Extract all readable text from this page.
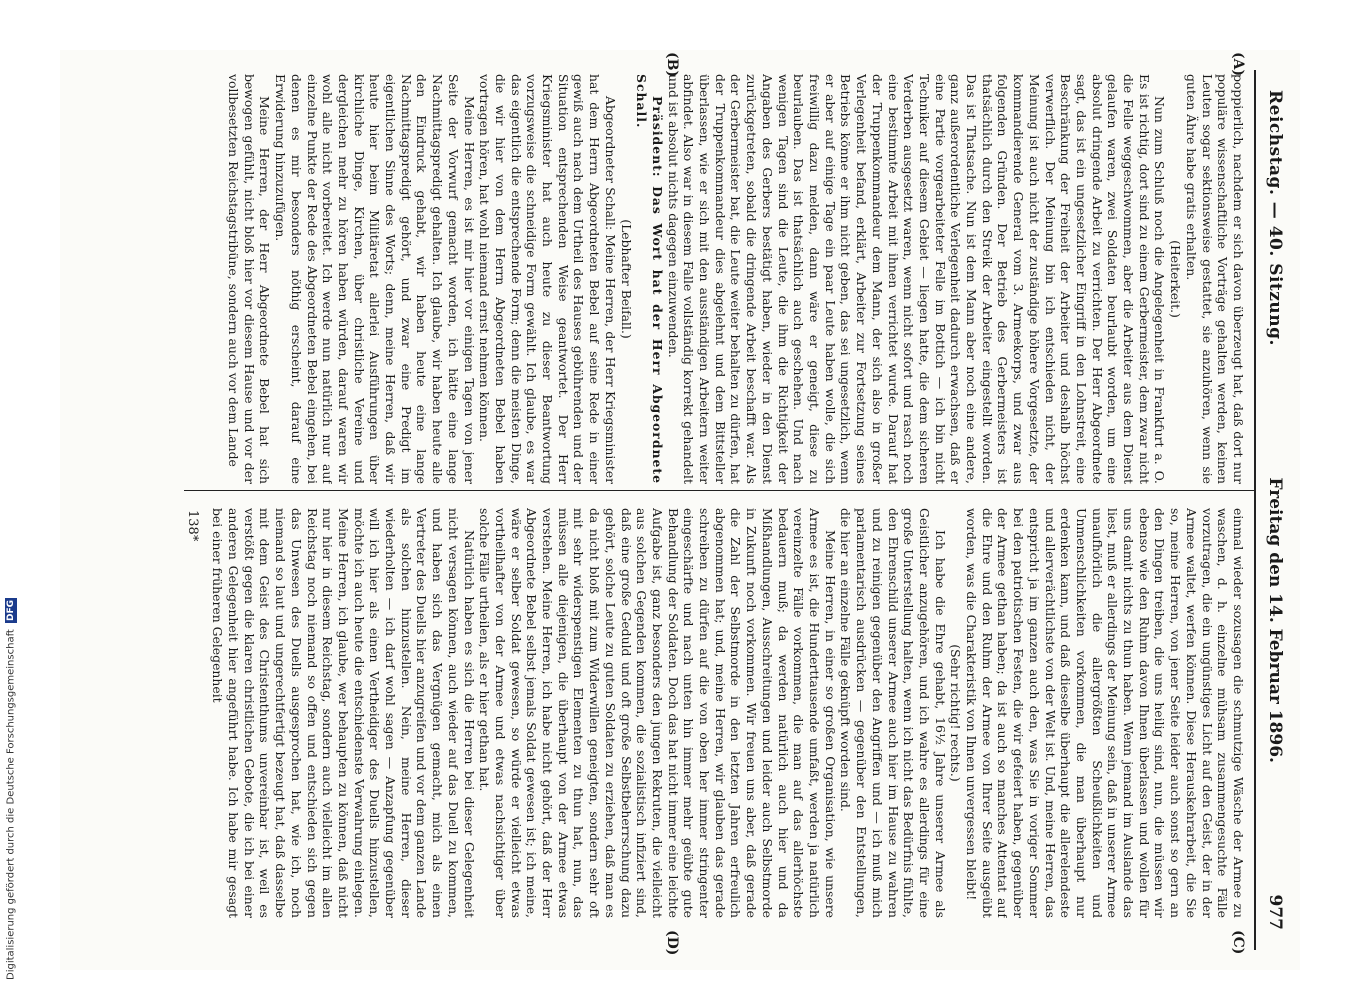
Reichstag. — 40. Sitzung.
Freitag den 14. Februar 1896.
977
(A)
(B)
(C)
(D)

poppierlich, nachdem er sich davon überzeugt hat, daß dort nur populäre wissenschaftliche Vorträge gehalten werden, keinen Leuten sogar sektionsweise gestattet, sie anzuhören, wenn sie guten Ähre habe gratis erhalten.

(Heiterkeit.)

Nun zum Schluß noch die Angelegenheit in Frankfurt a. O. Es ist richtig, dort sind zu einem Gerbermeister, dem zwar nicht die Felle weggeschwommen, aber die Arbeiter aus dem Dienst gelaufen waren, zwei Soldaten beurlaubt worden, um eine absolut dringende Arbeit zu verrichten. Der Herr Abgeordnete sagt, das ist ein ungesetzlicher Eingriff in den Lohnstreit, eine Beschränkung der Freiheit der Arbeiter und deshalb höchst verwerflich. Der Meinung bin ich entschieden nicht, der Meinung ist auch nicht der zuständige höhere Vorgesetzte, der kommandierende General vom 3. Armeekorps, und zwar aus folgenden Gründen. Der Betrieb des Gerbermeisters ist thatsächlich durch den Streik der Arbeiter eingestellt worden. Das ist Thatsache. Nun ist dem Mann aber noch eine andere, ganz außerordentliche Verlegenheit dadurch erwachsen, daß er eine Partie vorgearbeiteter Felle im Bottich — ich bin nicht Techniker auf diesem Gebiet — liegen hatte, die dem sicheren Verderben ausgesetzt waren, wenn nicht sofort und rasch noch eine bestimmte Arbeit mit ihnen verrichtet wurde. Darauf hat der Truppenkommandeur dem Mann, der sich also in großer Verlegenheit befand, erklärt, Arbeiter zur Fortsetzung seines Betriebs könne er ihm nicht geben, das sei ungesetzlich, wenn er aber auf einige Tage ein paar Leute haben wolle, die sich freiwillig dazu melden, dann wäre er geneigt, diese zu beurlauben. Das ist thatsächlich auch geschehen. Und nach wenigen Tagen sind die Leute, die ihm die Richtigkeit der Angaben des Gerbers bestätigt haben, wieder in den Dienst zurückgetreten, sobald die dringende Arbeit beschafft war. Als der Gerbermeister bat, die Leute weiter behalten zu dürfen, hat der Truppenkommandeur dies abgelehnt und dem Bittsteller überlassen, wie er sich mit den ausständigen Arbeitern weiter abfindet. Also war in diesem Falle vollständig korrekt gehandelt und ist absolut nichts dagegen einzuwenden.

Präsident: Das Wort hat der Herr Abgeordnete Schall.

(Lebhafter Beifall.)

Abgeordneter Schall: Meine Herren, der Herr Kriegsminister hat dem Herrn Abgeordneten Bebel auf seine Rede in einer gewiß auch nach dem Urtheil des Hauses gebührenden und der Situation entsprechenden Weise geantwortet. Der Herr Kriegsminister hat auch heute zu dieser Beantwortung vorzugsweise die schneidige Form gewählt. Ich glaube, es war das eigentlich die entsprechende Form; denn die meisten Dinge, die wir hier von dem Herrn Abgeordneten Bebel haben vortragen hören, hat wohl niemand ernst nehmen können.

Meine Herren, es ist mir hier vor einigen Tagen von jener Seite der Vorwurf gemacht worden, ich hätte eine lange Nachmittagspredigt gehalten. Ich glaube, wir haben heute alle den Eindruck gehabt, wir haben heute eine lange Nachmittagspredigt gehört, und zwar eine Predigt im eigentlichen Sinne des Worts; denn, meine Herren, daß wir heute hier beim Militäretat allerlei Ausführungen über kirchliche Dinge, Kirchen, über christliche Vereine und dergleichen mehr zu hören haben würden, darauf waren wir wohl alle nicht vorbereitet. Ich werde nun natürlich nur auf einzelne Punkte der Rede des Abgeordneten Bebel eingehen, bei denen es mir besonders nöthig erscheint, darauf eine Erwiderung hinzuzufügen.

Meine Herren, der Herr Abgeordnete Bebel hat sich bewogen gefühlt, nicht bloß hier vor diesem Hause und vor der vollbesetzten Reichstagstribüne, sondern auch vor dem Lande

einmal wieder sozusagen die schmutzige Wäsche der Armee zu waschen, d. h. einzelne mühsam zusammengesuchte Fälle vorzutragen, die ein ungünstiges Licht auf den Geist, der in der Armee waltet, werfen können. Diese Herauskehrarbeit, die Sie so, meine Herren, von jener Seite leider auch sonst so gern an den Dingen treiben, die uns heilig sind, nun, die müssen wir ebenso wie den Ruhm davon Ihnen überlassen und wollen für uns damit nichts zu thun haben. Wenn jemand im Auslande das liest, muß er allerdings der Meinung sein, daß in unserer Armee unaufhörlich die allergrößten Scheußlichkeiten und Unmenschlichkeiten vorkommen, die man überhaupt nur erdenken kann, und daß dieselbe überhaupt die allerelendeste und allerverächtlichste von der Welt ist. Und, meine Herren, das entspricht ja im ganzen auch den, was Sie in voriger Sommer bei den patriotischen Festen, die wir gefeiert haben, gegenüber der Armee gethan haben; da ist auch so manches Attentat auf die Ehre und den Ruhm der Armee von Ihrer Seite ausgeübt worden, was die Charakteristik von Ihnen unvergessen bleibt!

(Sehr richtig! rechts.)

Ich habe die Ehre gehabt, 16½ Jahre unserer Armee als Geistlicher anzugehören, und ich wahre es allerdings für eine große Unterstellung halten, wenn ich nicht das Bedürfnis fühlte, den Ehrenschild unserer Armee auch hier im Hause zu wahren und zu reinigen gegenüber den Angriffen und — ich muß mich parlamentarisch ausdrücken — gegenüber den Entstellungen, die hier an einzelne Fälle geknüpft worden sind.

Meine Herren, in einer so großen Organisation, wie unsere Armee es ist, die Hunderttausende umfaßt, werden ja natürlich vereinzelte Fälle vorkommen, die man auf das allerhöchste bedauern muß; da werden natürlich auch hier und da Mißhandlungen, Ausschreitungen und leider auch Selbstmorde in Zukunft noch vorkommen. Wir freuen uns aber, daß gerade die Zahl der Selbstmorde in den letzten Jahren erfreulich abgenommen hat; und, meine Herren, wir glauben das gerade schreiben zu dürfen auf die von oben her immer stringenter eingeschärfte und nach unten hin immer mehr geübte gute Behandlung der Soldaten. Doch das hat nicht immer eine leichte Aufgabe ist, ganz besonders den jungen Rekruten, die vielleicht aus solchen Gegenden kommen, die sozialistisch infiziert sind, daß eine große Geduld und oft große Selbstbeherrschung dazu gehört, solche Leute zu guten Soldaten zu erziehen, daß man es da nicht bloß mit zum Widerwillen geneigten, sondern sehr oft mit sehr widerspenstigen Elementen zu thun hat, nun, das müssen alle diejenigen, die überhaupt von der Armee etwas verstehen. Meine Herren, ich habe nicht gehört, daß der Herr Abgeordnete Bebel selbst jemals Soldat gewesen ist; ich meine, wäre er selber Soldat gewesen, so würde er vielleicht etwas vortheilhafter von der Armee und etwas nachsichtiger über solche Fälle urtheilen, als er hier gethan hat.

Natürlich haben es sich die Herren bei dieser Gelegenheit nicht versagen können, auch wieder auf das Duell zu kommen, und haben sich das Vergnügen gemacht, mich als einen Vertreter des Duells hier anzugreifen und vor dem ganzen Lande als solchen hinzustellen. Nein, meine Herren, dieser wiederholten — ich darf wohl sagen — Anzapfung gegenüber will ich hier als einen Vertheidiger des Duells hinzustellen, möchte ich auch heute die entschiedenste Verwahrung einlegen. Meine Herren, ich glaube, wer behaupten zu können, daß nicht nur hier in diesem Reichstag, sondern auch vielleicht im allen Reichstag noch niemand so offen und entschieden sich gegen das Unwesen des Duells ausgesprochen hat, wie ich, noch niemand so laut und ungerechtfertigt bezeugt hat, daß dasselbe mit dem Geist des Christenthums unvereinbar ist, weil es verstößt gegen die klaren christlichen Gebote, die ich bei einer anderen Gelegenheit hier angeführt habe. Ich habe mir gesagt bei einer früheren Gelegenheit

138*
Digitalisierung gefördert durch die Deutsche Forschungsgemeinschaft
DFG
